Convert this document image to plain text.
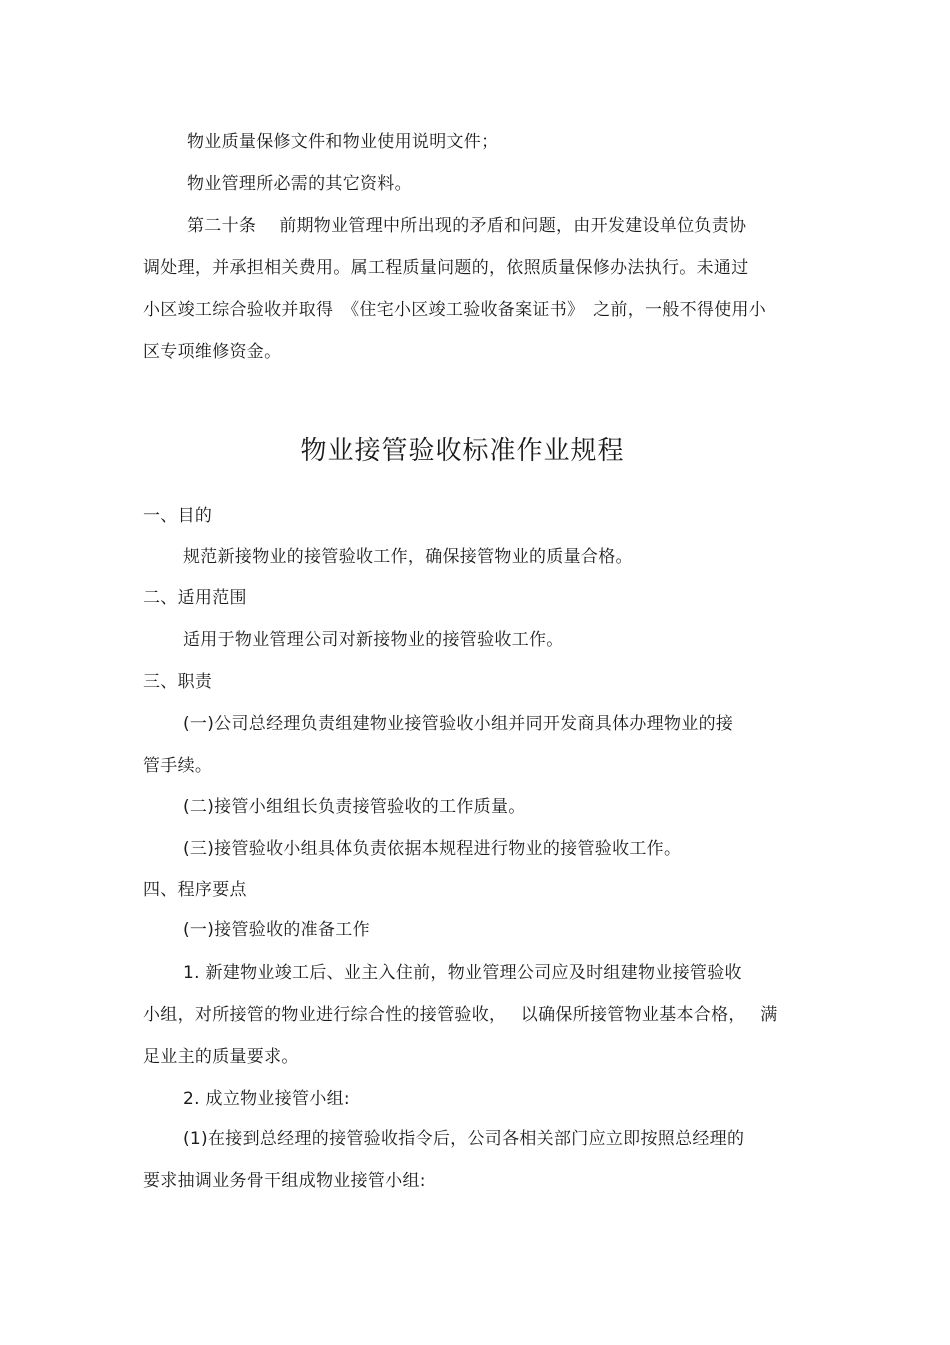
物业质量保修文件和物业使用说明文件；
物业管理所必需的其它资料。
第二十条　 前期物业管理中所出现的矛盾和问题，由开发建设单位负责协
调处理，并承担相关费用。属工程质量问题的，依照质量保修办法执行。未通过
小区竣工综合验收并取得　《住宅小区竣工验收备案证书》　之前，一般不得使用小
区专项维修资金。
物业接管验收标准作业规程
一、目的
规范新接物业的接管验收工作，确保接管物业的质量合格。
二、适用范围
适用于物业管理公司对新接物业的接管验收工作。
三、职责
(一)公司总经理负责组建物业接管验收小组并同开发商具体办理物业的接
管手续。
(二)接管小组组长负责接管验收的工作质量。
(三)接管验收小组具体负责依据本规程进行物业的接管验收工作。
四、程序要点
(一)接管验收的准备工作
1. 新建物业竣工后、业主入住前，物业管理公司应及时组建物业接管验收
小组，对所接管的物业进行综合性的接管验收，　 以确保所接管物业基本合格，　 满
足业主的质量要求。
2. 成立物业接管小组:
(1)在接到总经理的接管验收指令后，公司各相关部门应立即按照总经理的
要求抽调业务骨干组成物业接管小组:
